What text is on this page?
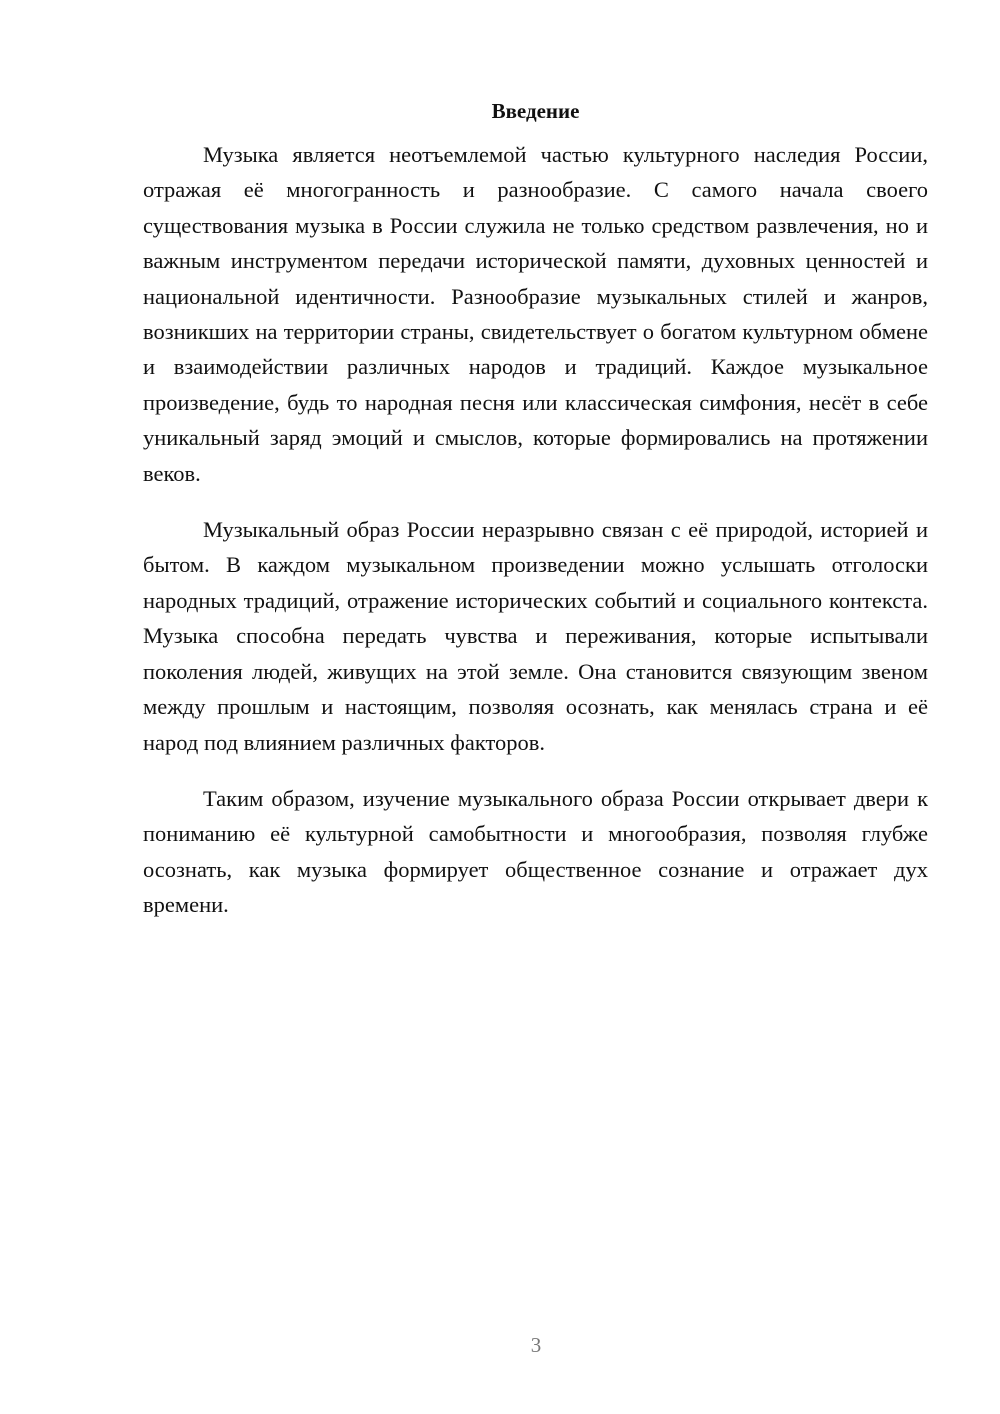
Введение

Музыка является неотъемлемой частью культурного наследия России, отражая её многогранность и разнообразие. С самого начала своего существования музыка в России служила не только средством развлечения, но и важным инструментом передачи исторической памяти, духовных ценностей и национальной идентичности. Разнообразие музыкальных стилей и жанров, возникших на территории страны, свидетельствует о богатом культурном обмене и взаимодействии различных народов и традиций. Каждое музыкальное произведение, будь то народная песня или классическая симфония, несёт в себе уникальный заряд эмоций и смыслов, которые формировались на протяжении веков.

Музыкальный образ России неразрывно связан с её природой, историей и бытом. В каждом музыкальном произведении можно услышать отголоски народных традиций, отражение исторических событий и социального контекста. Музыка способна передать чувства и переживания, которые испытывали поколения людей, живущих на этой земле. Она становится связующим звеном между прошлым и настоящим, позволяя осознать, как менялась страна и её народ под влиянием различных факторов.

Таким образом, изучение музыкального образа России открывает двери к пониманию её культурной самобытности и многообразия, позволяя глубже осознать, как музыка формирует общественное сознание и отражает дух времени.

3
